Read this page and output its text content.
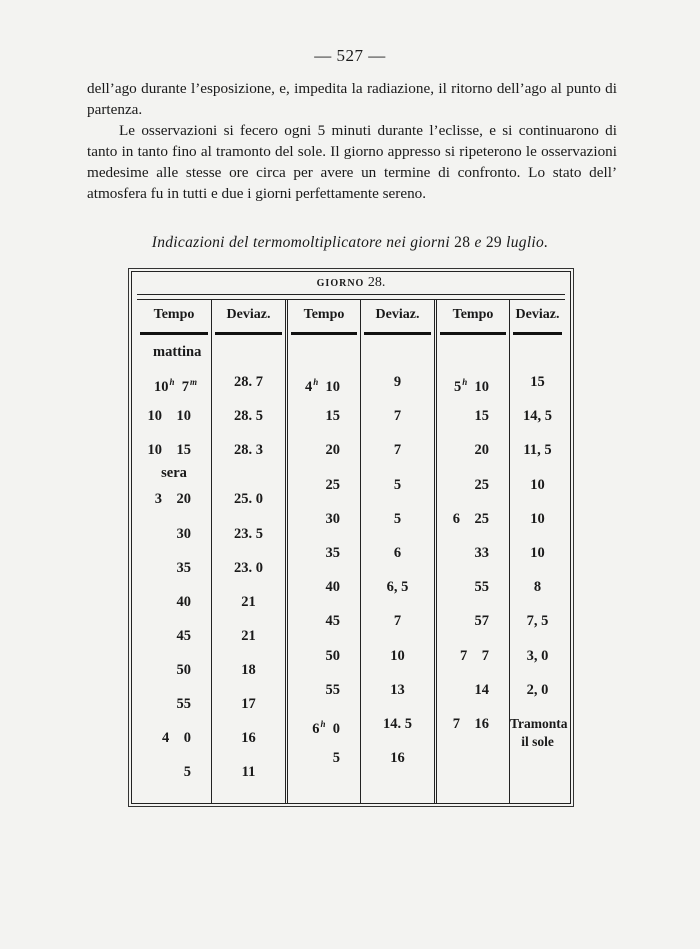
— 527 —

dell’ago durante l’esposizione, e, impedita la radiazione, il ritorno dell’ago al punto di partenza.

Le osservazioni si fecero ogni 5 minuti durante l’eclisse, e si continuarono di tanto in tanto fino al tramonto del sole. Il giorno appresso si ripeterono le osservazioni medesime alle stesse ore circa per avere un termine di confronto. Lo stato dell’ atmosfera fu in tutti e due i giorni perfettamente sereno.

Indicazioni del termomoltiplicatore nei giorni 28 e 29 luglio.
GIORNO 28.
Tempo
mattina
10$^h$  7$^m$
10  10
10  15
sera
3  20
30
35
40
45
50
55
4  0
5
Deviaz.
28. 7
28. 5
28. 3
25. 0
23. 5
23. 0
21
21
18
17
16
11
Tempo
4$^h$  10
15
20
25
30
35
40
45
50
55
6$^h$  0
5
Deviaz.
9
7
7
5
5
6
6, 5
7
10
13
14. 5
16
Tempo
5$^h$  10
15
20
25
6  25
33
55
57
7  7
14
7  16
Deviaz.
15
14, 5
11, 5
10
10
10
8
7, 5
3, 0
2, 0
Tramonta
il sole
